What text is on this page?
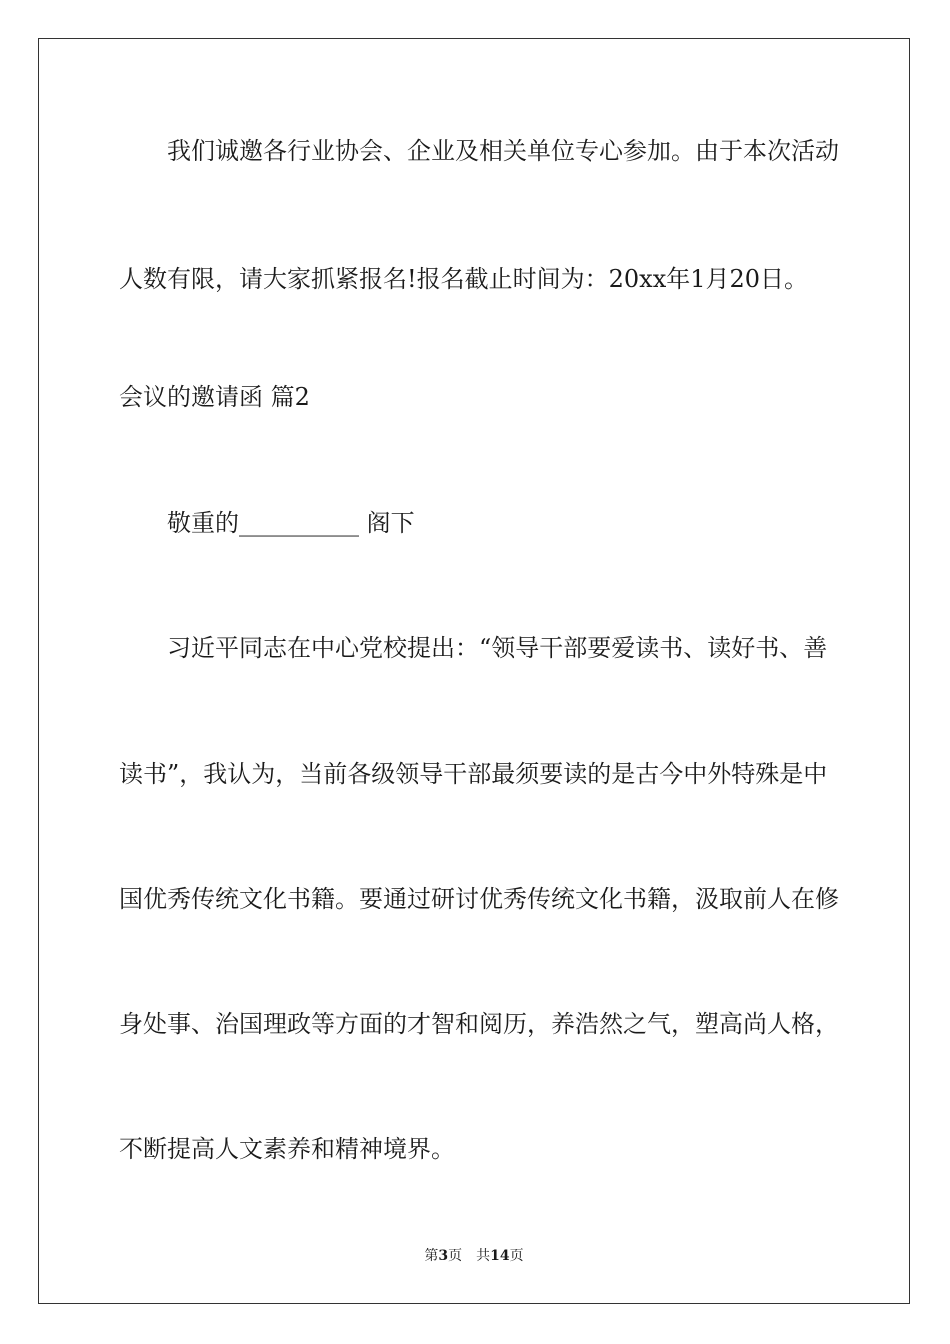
我们诚邀各行业协会、企业及相关单位专心参加。由于本次活动
人数有限，请大家抓紧报名!报名截止时间为：20xx年1月20日。
会议的邀请函 篇2
敬重的__________ 阁下
习近平同志在中心党校提出：“领导干部要爱读书、读好书、善
读书”，我认为，当前各级领导干部最须要读的是古今中外特殊是中
国优秀传统文化书籍。要通过研讨优秀传统文化书籍，汲取前人在修
身处事、治国理政等方面的才智和阅历，养浩然之气，塑高尚人格，
不断提高人文素养和精神境界。
第3页 共14页
